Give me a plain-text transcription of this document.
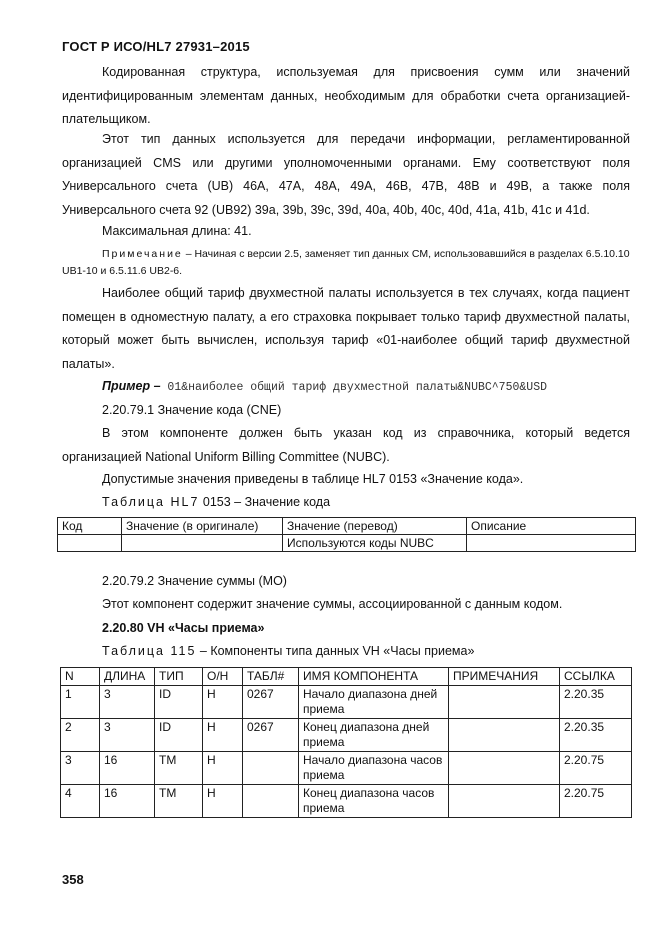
ГОСТ Р ИСО/HL7 27931–2015
Кодированная структура, используемая для присвоения сумм или значений идентифицированным элементам данных, необходимым для обработки счета организацией-плательщиком.
Этот тип данных используется для передачи информации, регламентированной организацией CMS или другими уполномоченными органами. Ему соответствуют поля Универсального счета (UB) 46A, 47A, 48A, 49A, 46B, 47B, 48B и 49B, а также поля Универсального счета 92 (UB92) 39a, 39b, 39c, 39d, 40a, 40b, 40c, 40d, 41a, 41b, 41c и 41d.
Максимальная длина: 41.
Примечание – Начиная с версии 2.5, заменяет тип данных CM, использовавшийся в разделах 6.5.10.10 UB1-10 и 6.5.11.6 UB2-6.
Наиболее общий тариф двухместной палаты используется в тех случаях, когда пациент помещен в одноместную палату, а его страховка покрывает только тариф двухместной палаты, который может быть вычислен, используя тариф «01-наиболее общий тариф двухместной палаты».
Пример – 01&наиболее общий тариф двухместной палаты&NUBC^750&USD
2.20.79.1 Значение кода (CNE)
В этом компоненте должен быть указан код из справочника, который ведется организацией National Uniform Billing Committee (NUBC).
Допустимые значения приведены в таблице HL7 0153 «Значение кода».
Таблица HL7 0153 – Значение кода
Код	Значение (в оригинале)	Значение (перевод)	Описание
		Используются коды NUBC	
2.20.79.2 Значение суммы (MO)
Этот компонент содержит значение суммы, ассоциированной с данным кодом.
2.20.80 VH «Часы приема»
Таблица 115 – Компоненты типа данных VH «Часы приема»
N	ДЛИНА	ТИП	О/Н	ТАБЛ#	ИМЯ КОМПОНЕНТА	ПРИМЕЧАНИЯ	ССЫЛКА
1	3	ID	Н	0267	Начало диапазона дней приема		2.20.35
2	3	ID	Н	0267	Конец диапазона дней приема		2.20.35
3	16	TM	Н		Начало диапазона часов приема		2.20.75
4	16	TM	Н		Конец диапазона часов приема		2.20.75
358
